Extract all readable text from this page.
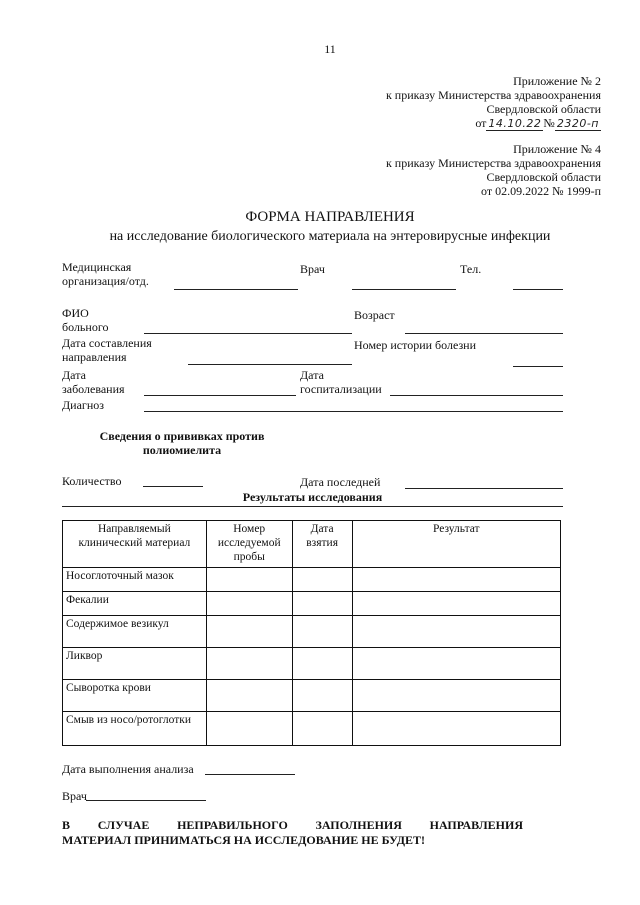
11
Приложение № 2
к приказу Министерства здравоохранения
Свердловской области
от 14.10.22 № 2320-п
Приложение № 4
к приказу Министерства здравоохранения
Свердловской области
от 02.09.2022 № 1999-п
ФОРМА НАПРАВЛЕНИЯ
на исследование биологического материала на энтеровирусные инфекции
Медицинская
организация/отд.
Врач	Тел.
ФИО
больного
Возраст
Дата составления
направления
Номер истории болезни
Дата
заболевания
Дата
госпитализации
Диагноз
Сведения о прививках против
полиомиелита
Количество	Дата последней
Результаты исследования
Направляемый клинический материал	Номер исследуемой пробы	Дата взятия	Результат
Носоглоточный мазок			
Фекалии			
Содержимое везикул			
Ликвор			
Сыворотка крови			
Смыв из носо/ротоглотки			
Дата выполнения анализа
Врач
В СЛУЧАЕ НЕПРАВИЛЬНОГО ЗАПОЛНЕНИЯ НАПРАВЛЕНИЯ
МАТЕРИАЛ ПРИНИМАТЬСЯ НА ИССЛЕДОВАНИЕ НЕ БУДЕТ!
